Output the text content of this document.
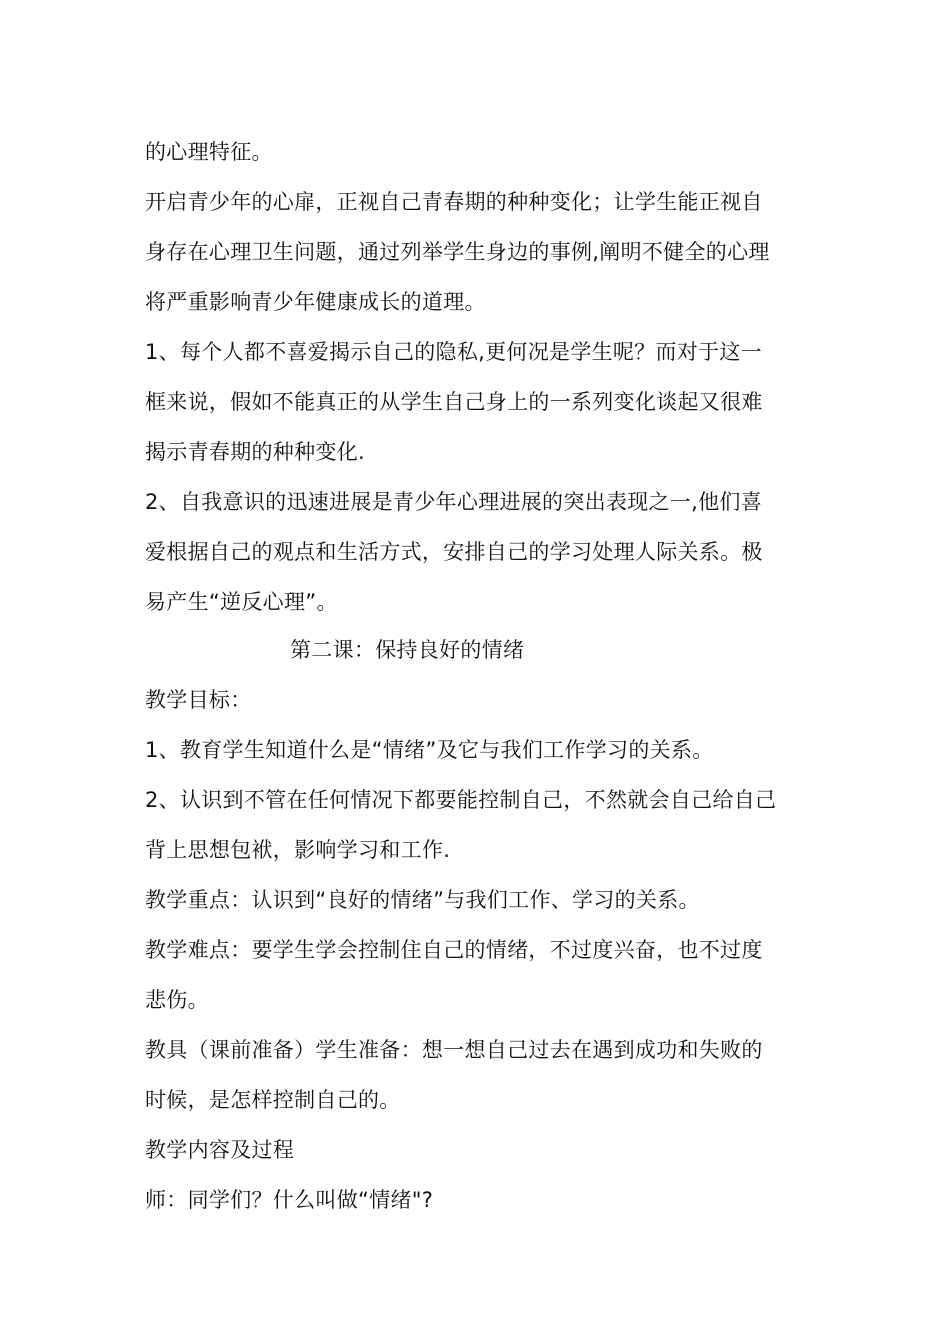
的心理特征。
开启青少年的心扉，正视自己青春期的种种变化；让学生能正视自
身存在心理卫生问题，通过列举学生身边的事例,阐明不健全的心理
将严重影响青少年健康成长的道理。
1、每个人都不喜爱揭示自己的隐私,更何况是学生呢？而对于这一
框来说，假如不能真正的从学生自己身上的一系列变化谈起又很难
揭示青春期的种种变化.
2、自我意识的迅速进展是青少年心理进展的突出表现之一,他们喜
爱根据自己的观点和生活方式，安排自己的学习处理人际关系。极
易产生“逆反心理”。
第二课：保持良好的情绪
教学目标：
1、教育学生知道什么是“情绪”及它与我们工作学习的关系。
2、认识到不管在任何情况下都要能控制自己，不然就会自己给自己
背上思想包袱，影响学习和工作.
教学重点：认识到“良好的情绪”与我们工作、学习的关系。
教学难点：要学生学会控制住自己的情绪，不过度兴奋，也不过度
悲伤。
教具（课前准备）学生准备：想一想自己过去在遇到成功和失败的
时候，是怎样控制自己的。
教学内容及过程
师：同学们？什么叫做“情绪"?
